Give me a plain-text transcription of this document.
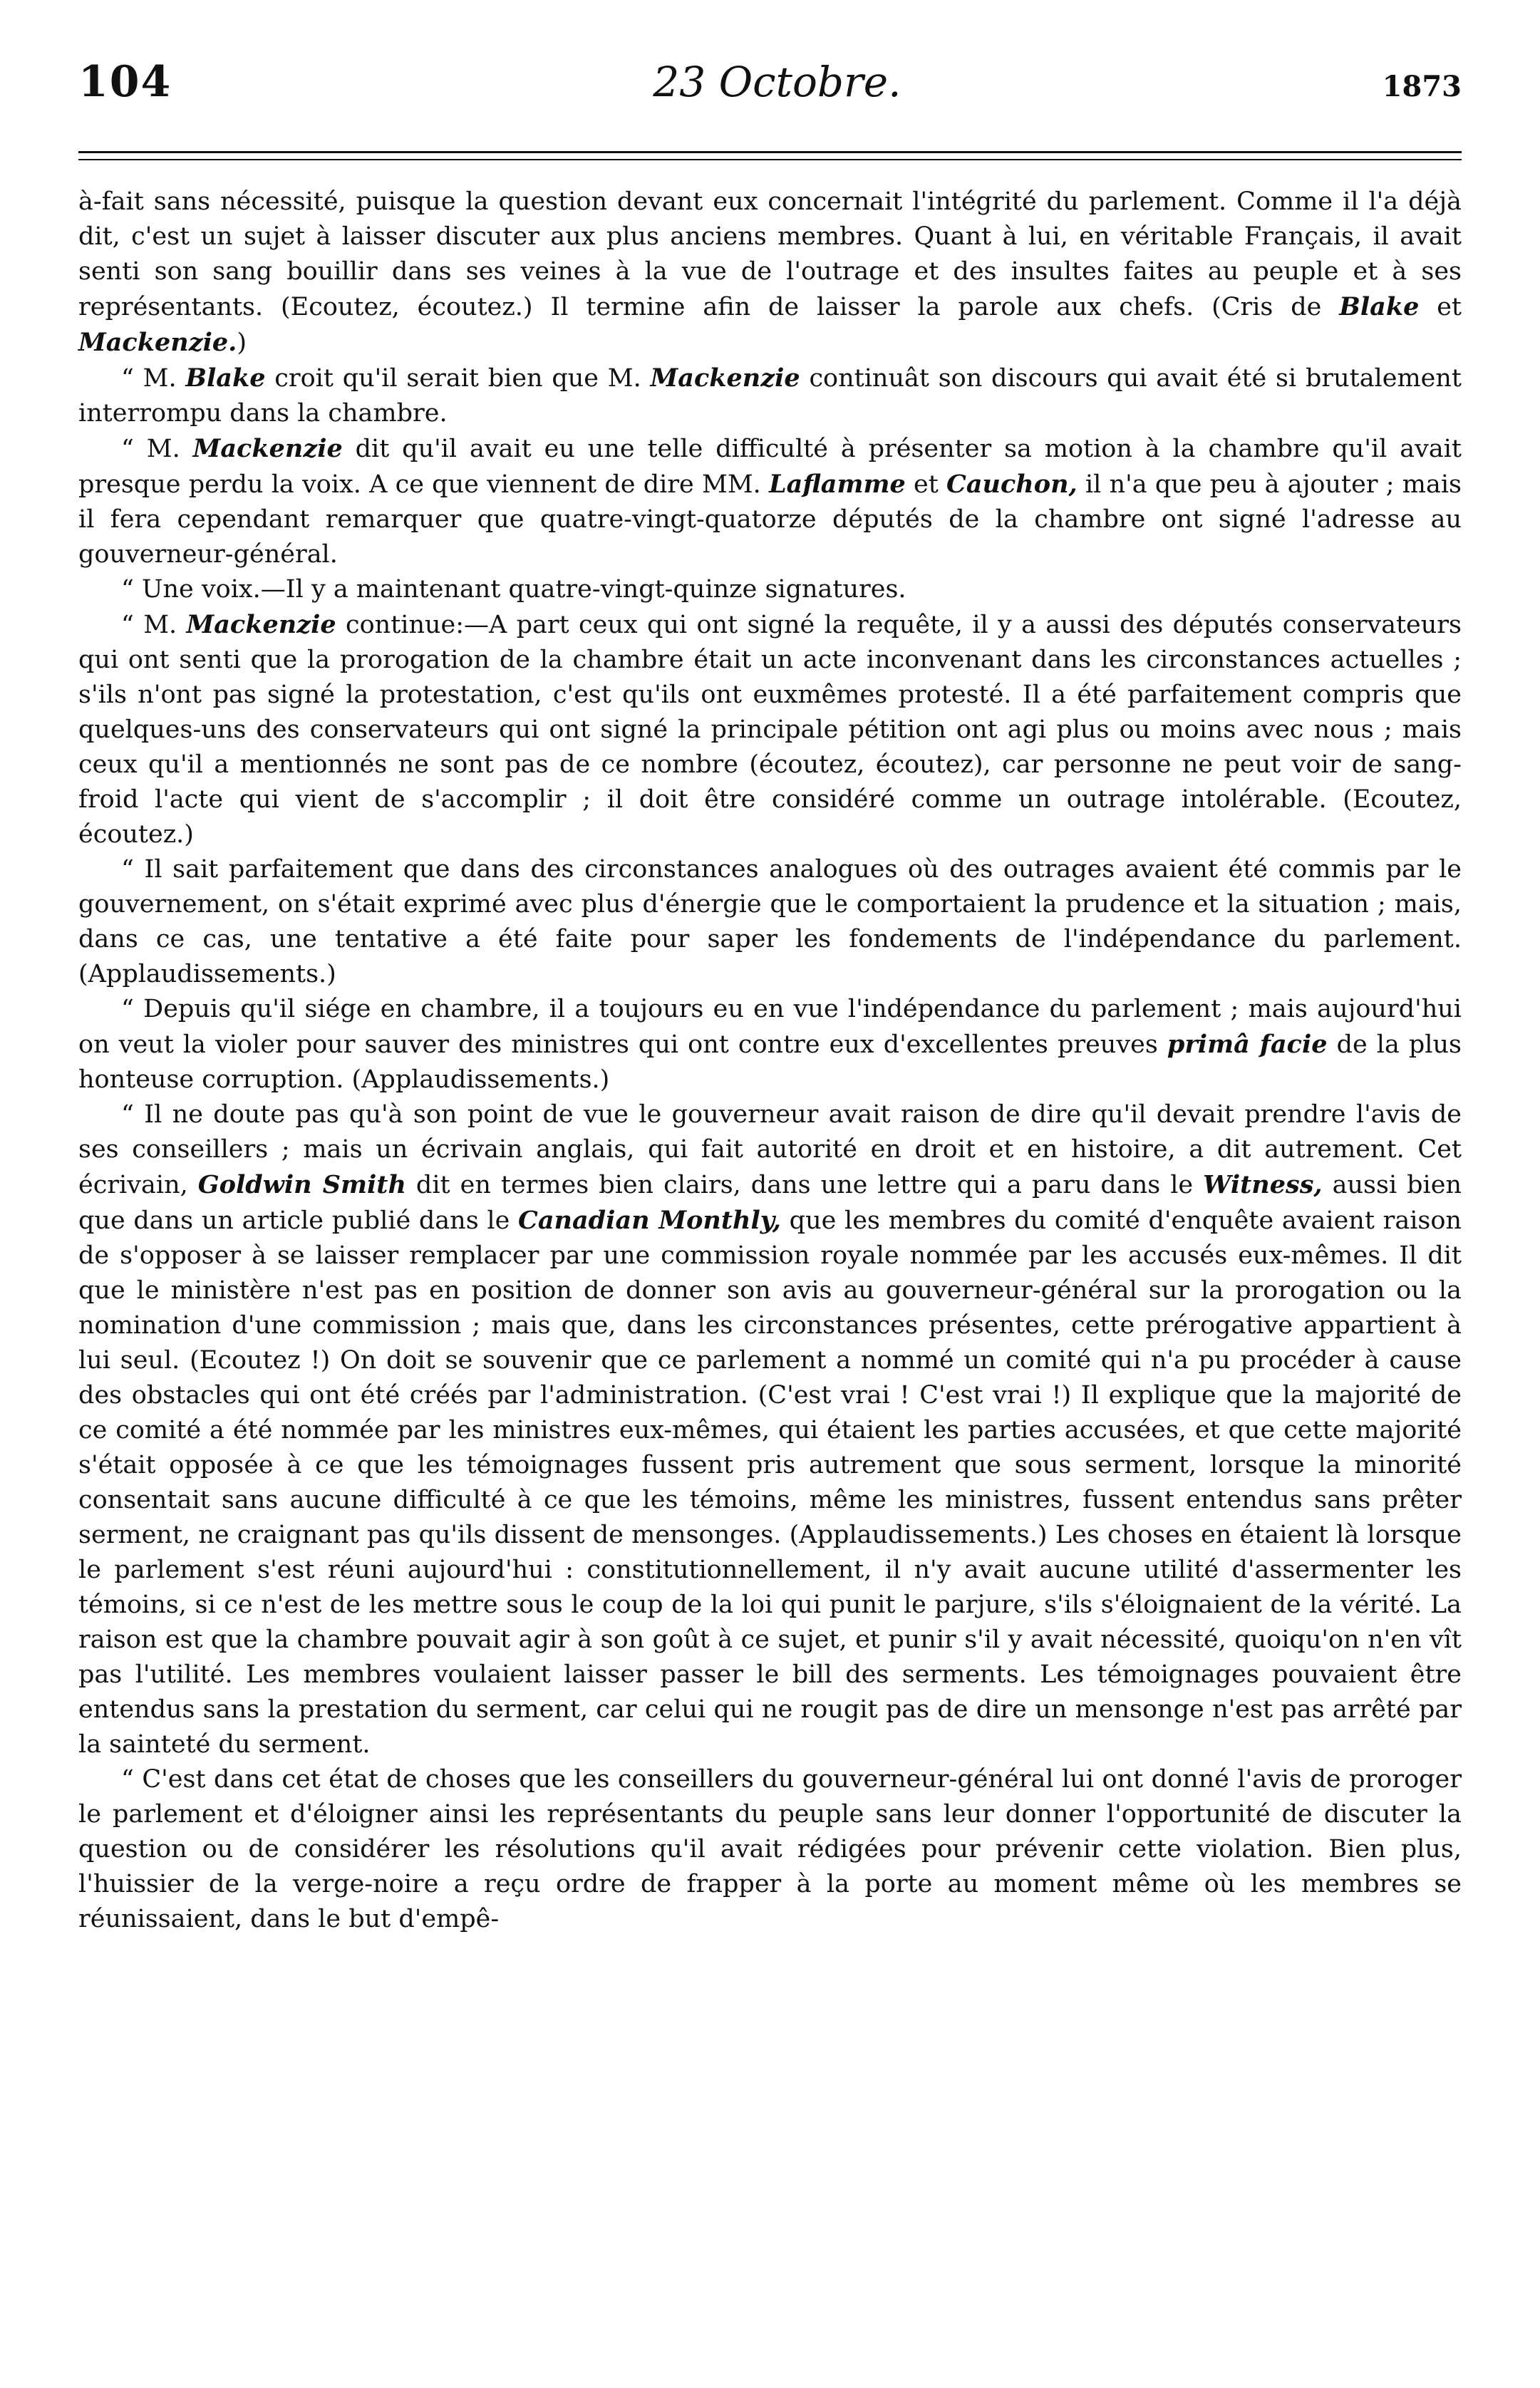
104	23 Octobre.	1873

à-fait sans nécessité, puisque la question devant eux concernait l'intégrité du parlement. Comme il l'a déjà dit, c'est un sujet à laisser discuter aux plus anciens membres. Quant à lui, en véritable Français, il avait senti son sang bouillir dans ses veines à la vue de l'outrage et des insultes faites au peuple et à ses représentants. (Ecoutez, écoutez.) Il termine afin de laisser la parole aux chefs. (Cris de Blake et Mackenzie.)

“ M. Blake croit qu'il serait bien que M. Mackenzie continuât son discours qui avait été si brutalement interrompu dans la chambre.

“ M. Mackenzie dit qu'il avait eu une telle difficulté à présenter sa motion à la chambre qu'il avait presque perdu la voix. A ce que viennent de dire MM. Laflamme et Cauchon, il n'a que peu à ajouter ; mais il fera cependant remarquer que quatre-vingt-quatorze députés de la chambre ont signé l'adresse au gouverneur-général.

“ Une voix.—Il y a maintenant quatre-vingt-quinze signatures.

“ M. Mackenzie continue:—A part ceux qui ont signé la requête, il y a aussi des députés conservateurs qui ont senti que la prorogation de la chambre était un acte inconvenant dans les circonstances actuelles ; s'ils n'ont pas signé la protestation, c'est qu'ils ont euxmêmes protesté. Il a été parfaitement compris que quelques-uns des conservateurs qui ont signé la principale pétition ont agi plus ou moins avec nous ; mais ceux qu'il a mentionnés ne sont pas de ce nombre (écoutez, écoutez), car personne ne peut voir de sang-froid l'acte qui vient de s'accomplir ; il doit être considéré comme un outrage intolérable. (Ecoutez, écoutez.)

“ Il sait parfaitement que dans des circonstances analogues où des outrages avaient été commis par le gouvernement, on s'était exprimé avec plus d'énergie que le comportaient la prudence et la situation ; mais, dans ce cas, une tentative a été faite pour saper les fondements de l'indépendance du parlement. (Applaudissements.)

“ Depuis qu'il siége en chambre, il a toujours eu en vue l'indépendance du parlement ; mais aujourd'hui on veut la violer pour sauver des ministres qui ont contre eux d'excellentes preuves primâ facie de la plus honteuse corruption. (Applaudissements.)

“ Il ne doute pas qu'à son point de vue le gouverneur avait raison de dire qu'il devait prendre l'avis de ses conseillers ; mais un écrivain anglais, qui fait autorité en droit et en histoire, a dit autrement. Cet écrivain, Goldwin Smith dit en termes bien clairs, dans une lettre qui a paru dans le Witness, aussi bien que dans un article publié dans le Canadian Monthly, que les membres du comité d'enquête avaient raison de s'opposer à se laisser remplacer par une commission royale nommée par les accusés eux-mêmes. Il dit que le ministère n'est pas en position de donner son avis au gouverneur-général sur la prorogation ou la nomination d'une commission ; mais que, dans les circonstances présentes, cette prérogative appartient à lui seul. (Ecoutez !) On doit se souvenir que ce parlement a nommé un comité qui n'a pu procéder à cause des obstacles qui ont été créés par l'administration. (C'est vrai ! C'est vrai !) Il explique que la majorité de ce comité a été nommée par les ministres eux-mêmes, qui étaient les parties accusées, et que cette majorité s'était opposée à ce que les témoignages fussent pris autrement que sous serment, lorsque la minorité consentait sans aucune difficulté à ce que les témoins, même les ministres, fussent entendus sans prêter serment, ne craignant pas qu'ils dissent de mensonges. (Applaudissements.) Les choses en étaient là lorsque le parlement s'est réuni aujourd'hui : constitutionnellement, il n'y avait aucune utilité d'assermenter les témoins, si ce n'est de les mettre sous le coup de la loi qui punit le parjure, s'ils s'éloignaient de la vérité. La raison est que la chambre pouvait agir à son goût à ce sujet, et punir s'il y avait nécessité, quoiqu'on n'en vît pas l'utilité. Les membres voulaient laisser passer le bill des serments. Les témoignages pouvaient être entendus sans la prestation du serment, car celui qui ne rougit pas de dire un mensonge n'est pas arrêté par la sainteté du serment.

“ C'est dans cet état de choses que les conseillers du gouverneur-général lui ont donné l'avis de proroger le parlement et d'éloigner ainsi les représentants du peuple sans leur donner l'opportunité de discuter la question ou de considérer les résolutions qu'il avait rédigées pour prévenir cette violation. Bien plus, l'huissier de la verge-noire a reçu ordre de frapper à la porte au moment même où les membres se réunissaient, dans le but d'empê-
